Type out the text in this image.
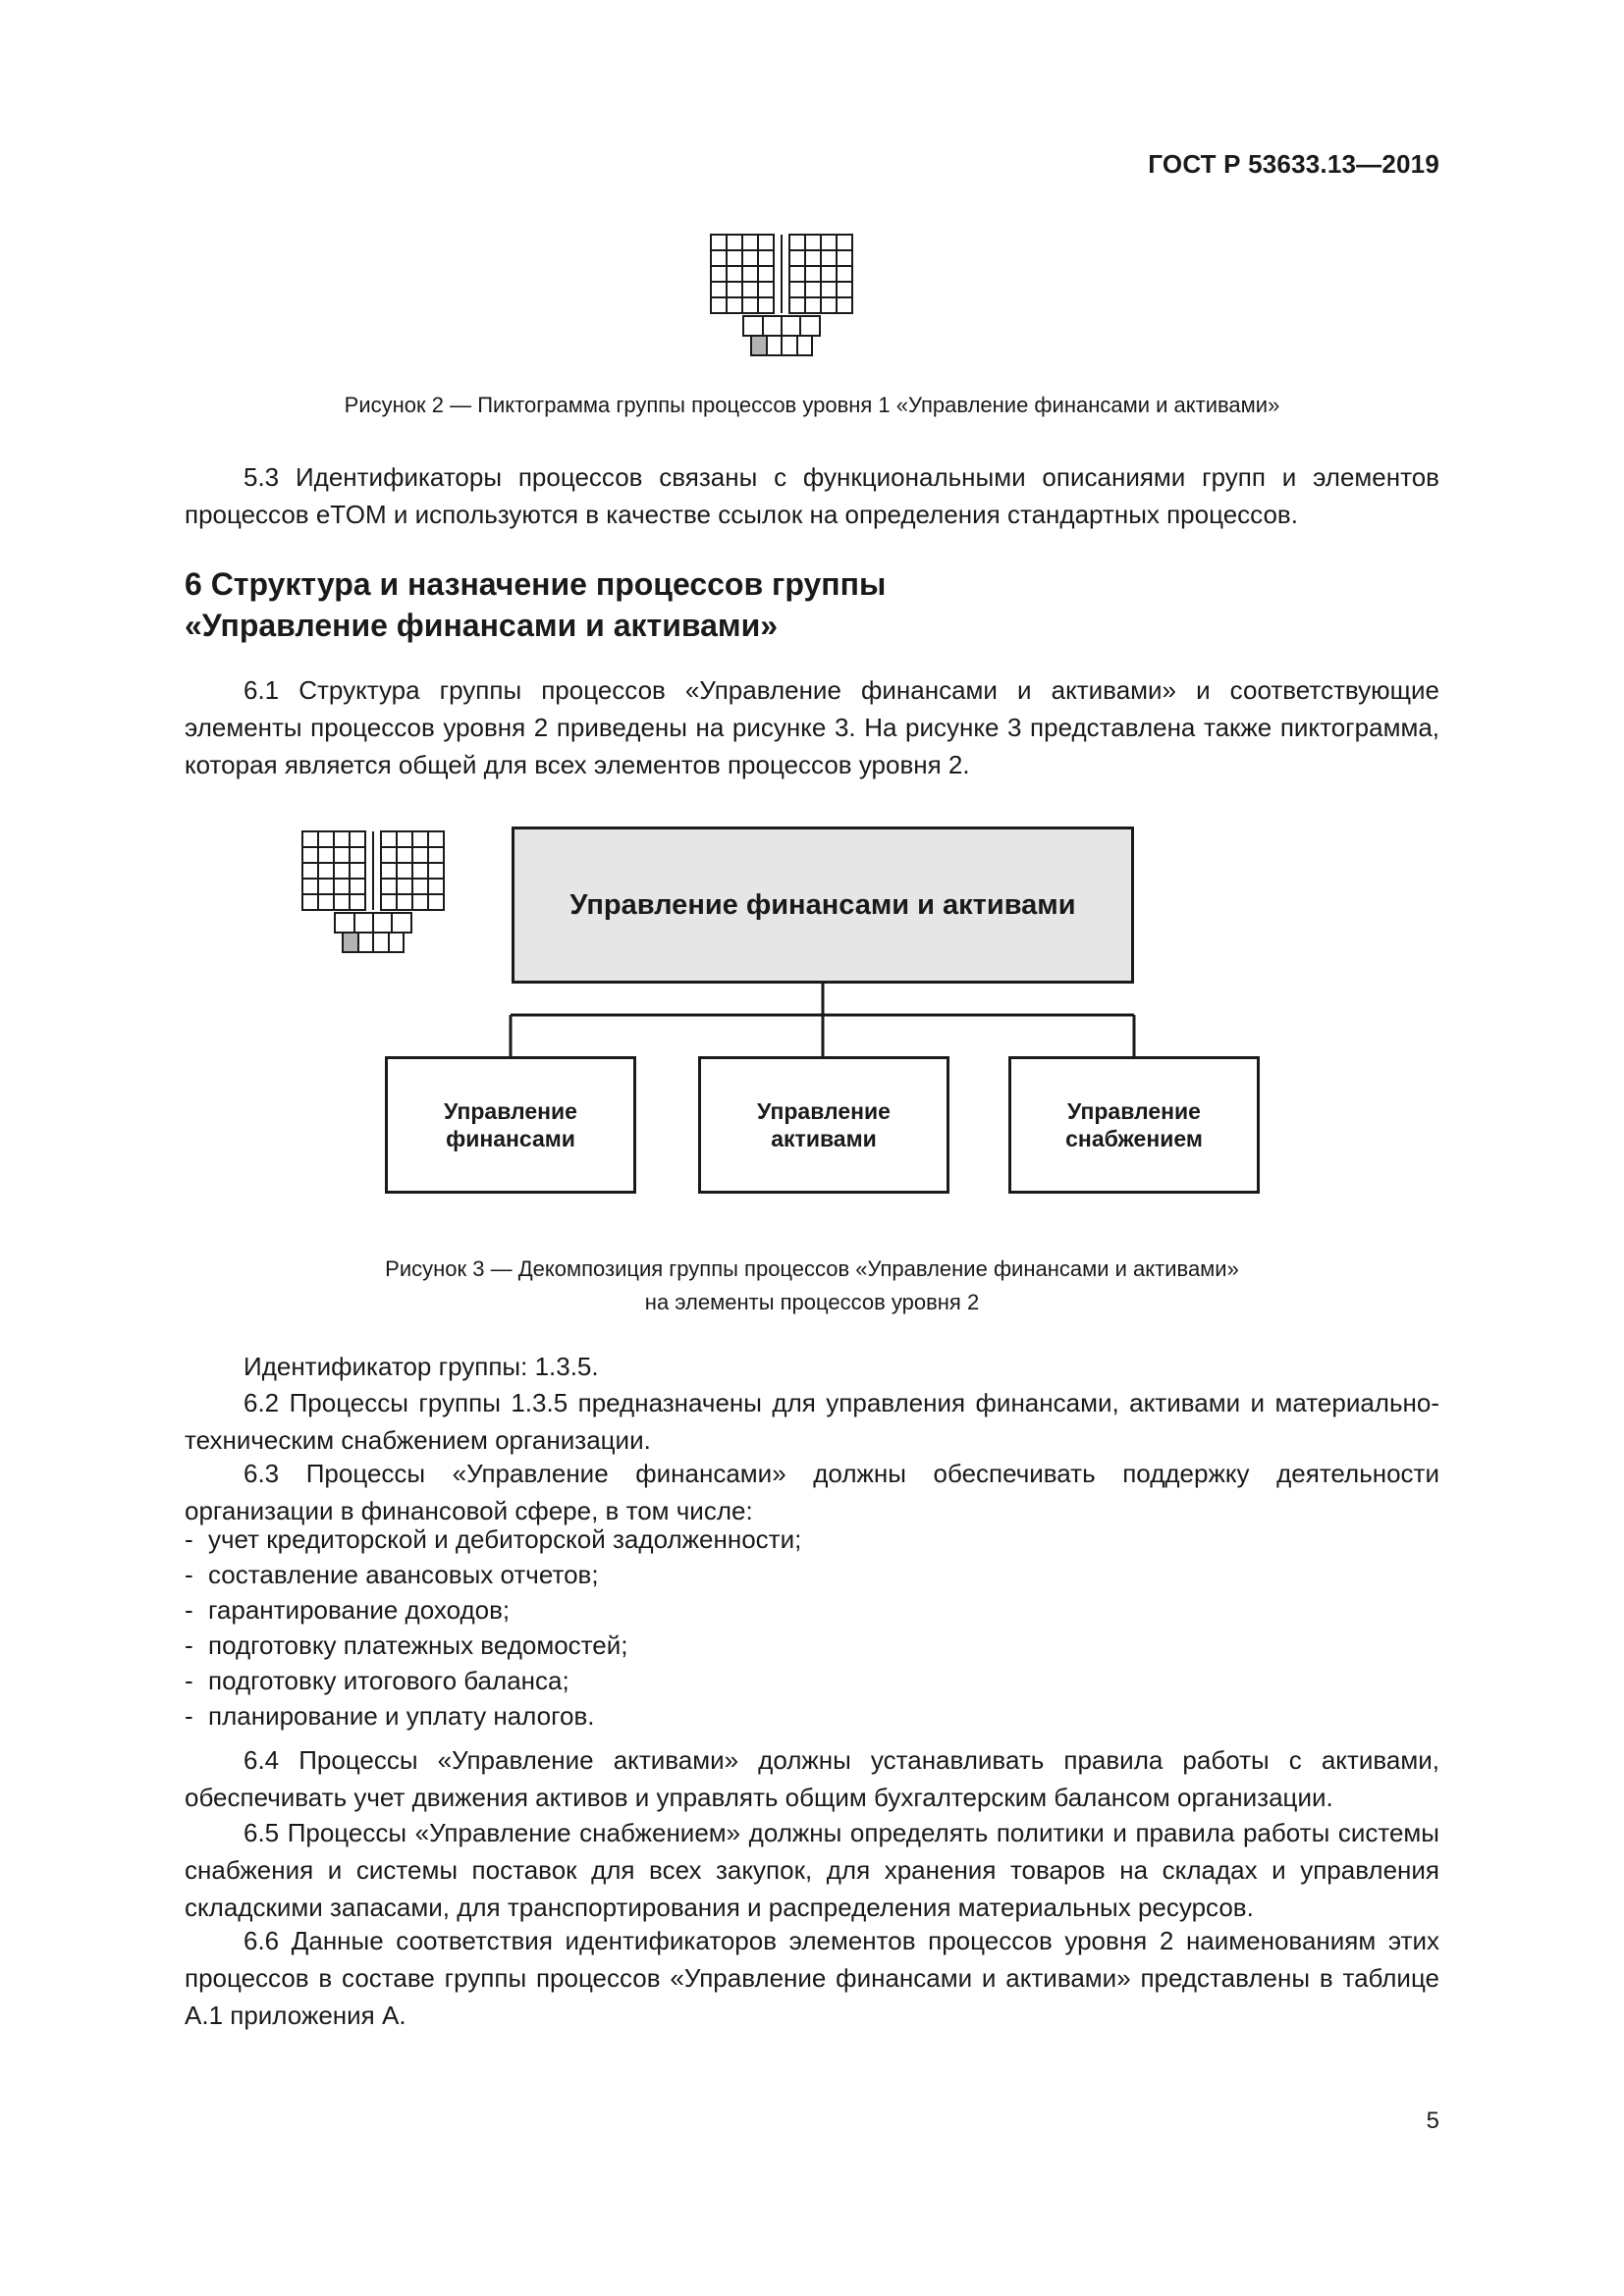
ГОСТ Р 53633.13—2019
Рисунок 2 — Пиктограмма группы процессов уровня 1 «Управление финансами и активами»

5.3 Идентификаторы процессов связаны с функциональными описаниями групп и элементов процессов eTOM и используются в качестве ссылок на определения стандартных процессов.

6 Структура и назначение процессов группы
«Управление финансами и активами»

6.1 Структура группы процессов «Управление финансами и активами» и соответствующие элементы процессов уровня 2 приведены на рисунке 3. На рисунке 3 представлена также пиктограмма, которая является общей для всех элементов процессов уровня 2.

Управление финансами и активами
Управление
финансами
Управление
активами
Управление
снабжением
Рисунок 3 — Декомпозиция группы процессов «Управление финансами и активами»
на элементы процессов уровня 2

Идентификатор группы: 1.3.5.

6.2 Процессы группы 1.3.5 предназначены для управления финансами, активами и материально-техническим снабжением организации.

6.3 Процессы «Управление финансами» должны обеспечивать поддержку деятельности организации в финансовой сфере, в том числе:

- учет кредиторской и дебиторской задолженности;
- составление авансовых отчетов;
- гарантирование доходов;
- подготовку платежных ведомостей;
- подготовку итогового баланса;
- планирование и уплату налогов.

6.4 Процессы «Управление активами» должны устанавливать правила работы с активами, обеспечивать учет движения активов и управлять общим бухгалтерским балансом организации.

6.5 Процессы «Управление снабжением» должны определять политики и правила работы системы снабжения и системы поставок для всех закупок, для хранения товаров на складах и управления складскими запасами, для транспортирования и распределения материальных ресурсов.

6.6 Данные соответствия идентификаторов элементов процессов уровня 2 наименованиям этих процессов в составе группы процессов «Управление финансами и активами» представлены в таблице А.1 приложения А.

5
